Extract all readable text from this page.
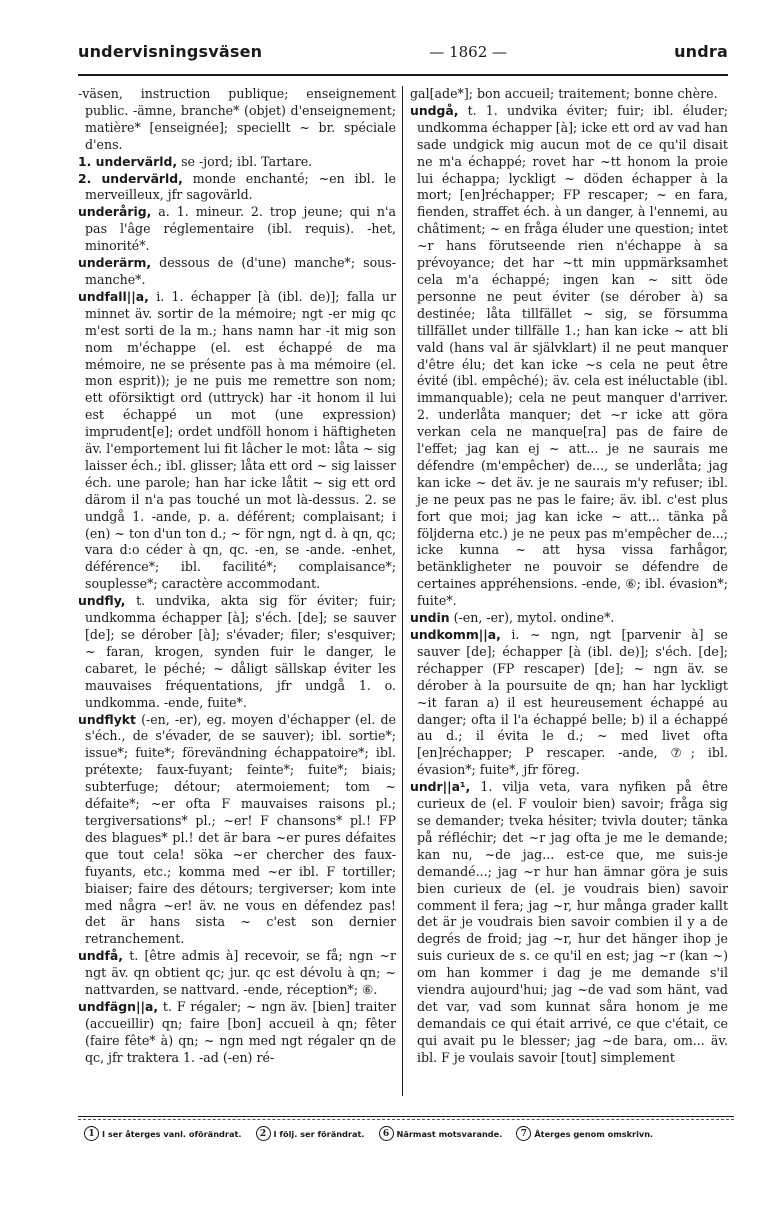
undervisningsväsen	— 1862 —	undra

-väsen, instruction publique; enseignement public. -ämne, branche* (objet) d'enseignement; matière* [enseignée]; speciellt ~ br. spéciale d'ens.

1. undervärld, se -jord; ibl. Tartare.

2. undervärld, monde enchanté; ~en ibl. le merveilleux, jfr sagovärld.

underårig, a. 1. mineur. 2. trop jeune; qui n'a pas l'âge réglementaire (ibl. requis). -het, minorité*.

underärm, dessous de (d'une) manche*; sous-manche*.

undfall||a, i. 1. échapper [à (ibl. de)]; falla ur minnet äv. sortir de la mémoire; ngt -er mig qc m'est sorti de la m.; hans namn har -it mig son nom m'échappe (el. est échappé de ma mémoire, ne se présente pas à ma mémoire (el. mon esprit)); je ne puis me remettre son nom; ett oförsiktigt ord (uttryck) har -it honom il lui est échappé un mot (une expression) imprudent[e]; ordet undföll honom i häftigheten äv. l'emportement lui fit lâcher le mot: låta ~ sig laisser éch.; ibl. glisser; låta ett ord ~ sig laisser éch. une parole; han har icke låtit ~ sig ett ord därom il n'a pas touché un mot là-dessus. 2. se undgå 1. -ande, p. a. déférent; complaisant; i (en) ~ ton d'un ton d.; ~ för ngn, ngt d. à qn, qc; vara d:o céder à qn, qc. -en, se -ande. -enhet, déférence*; ibl. facilité*; complaisance*; souplesse*; caractère accommodant.

undfly, t. undvika, akta sig för éviter; fuir; undkomma échapper [à]; s'éch. [de]; se sauver [de]; se dérober [à]; s'évader; filer; s'esquiver; ~ faran, krogen, synden fuir le danger, le cabaret, le péché; ~ dåligt sällskap éviter les mauvaises fréquentations, jfr undgå 1. o. undkomma. -ende, fuite*.

undflykt (-en, -er), eg. moyen d'échapper (el. de s'éch., de s'évader, de se sauver); ibl. sortie*; issue*; fuite*; förevändning échappatoire*; ibl. prétexte; faux-fuyant; feinte*; fuite*; biais; subterfuge; détour; atermoiement; tom ~ défaite*; ~er ofta F mauvaises raisons pl.; tergiversations* pl.; ~er! F chansons* pl.! FP des blagues* pl.! det är bara ~er pures défaites que tout cela! söka ~er chercher des faux-fuyants, etc.; komma med ~er ibl. F tortiller; biaiser; faire des détours; tergiverser; kom inte med några ~er! äv. ne vous en défendez pas! det är hans sista ~ c'est son dernier retranchement.

undfå, t. [être admis à] recevoir, se få; ngn ~r ngt äv. qn obtient qc; jur. qc est dévolu à qn; ~ nattvarden, se nattvard. -ende, réception*; ⑥.

undfägn||a, t. F régaler; ~ ngn äv. [bien] traiter (accueillir) qn; faire [bon] accueil à qn; fêter (faire fête* à) qn; ~ ngn med ngt régaler qn de qc, jfr traktera 1. -ad (-en) ré-

gal[ade*]; bon accueil; traitement; bonne chère.

undgå, t. 1. undvika éviter; fuir; ibl. éluder; undkomma échapper [à]; icke ett ord av vad han sade undgick mig aucun mot de ce qu'il disait ne m'a échappé; rovet har ~tt honom la proie lui échappa; lyckligt ~ döden échapper à la mort; [en]réchapper; FP rescaper; ~ en fara, fienden, straffet éch. à un danger, à l'ennemi, au châtiment; ~ en fråga éluder une question; intet ~r hans förutseende rien n'échappe à sa prévoyance; det har ~tt min uppmärksamhet cela m'a échappé; ingen kan ~ sitt öde personne ne peut éviter (se dérober à) sa destinée; låta tillfället ~ sig, se försumma tillfället under tillfälle 1.; han kan icke ~ att bli vald (hans val är självklart) il ne peut manquer d'être élu; det kan icke ~s cela ne peut être évité (ibl. empêché); äv. cela est inéluctable (ibl. immanquable); cela ne peut manquer d'arriver. 2. underlåta manquer; det ~r icke att göra verkan cela ne manque[ra] pas de faire de l'effet; jag kan ej ~ att... je ne saurais me défendre (m'empêcher) de..., se underlåta; jag kan icke ~ det äv. je ne saurais m'y refuser; ibl. je ne peux pas ne pas le faire; äv. ibl. c'est plus fort que moi; jag kan icke ~ att... tänka på följderna etc.) je ne peux pas m'empêcher de...; icke kunna ~ att hysa vissa farhågor, betänkligheter ne pouvoir se défendre de certaines appréhensions. -ende, ⑥; ibl. évasion*; fuite*.

undin (-en, -er), mytol. ondine*.

undkomm||a, i. ~ ngn, ngt [parvenir à] se sauver [de]; échapper [à (ibl. de)]; s'éch. [de]; réchapper (FP rescaper) [de]; ~ ngn äv. se dérober à la poursuite de qn; han har lyckligt ~it faran a) il est heureusement échappé au danger; ofta il l'a échappé belle; b) il a échappé au d.; il évita le d.; ~ med livet ofta [en]réchapper; P rescaper. -ande, ⑦; ibl. évasion*; fuite*, jfr föreg.

undr||a¹, 1. vilja veta, vara nyfiken på être curieux de (el. F vouloir bien) savoir; fråga sig se demander; tveka hésiter; tvivla douter; tänka på réfléchir; det ~r jag ofta je me le demande; kan nu, ~de jag... est-ce que, me suis-je demandé...; jag ~r hur han ämnar göra je suis bien curieux de (el. je voudrais bien) savoir comment il fera; jag ~r, hur många grader kallt det är je voudrais bien savoir combien il y a de degrés de froid; jag ~r, hur det hänger ihop je suis curieux de s. ce qu'il en est; jag ~r (kan ~) om han kommer i dag je me demande s'il viendra aujourd'hui; jag ~de vad som hänt, vad det var, vad som kunnat såra honom je me demandais ce qui était arrivé, ce que c'était, ce qui avait pu le blesser; jag ~de bara, om... äv. ibl. F je voulais savoir [tout] simplement

1 I ser återges vanl. oförändrat.	2 I följ. ser förändrat.	6 Närmast motsvarande.	7 Återges genom omskrivn.
